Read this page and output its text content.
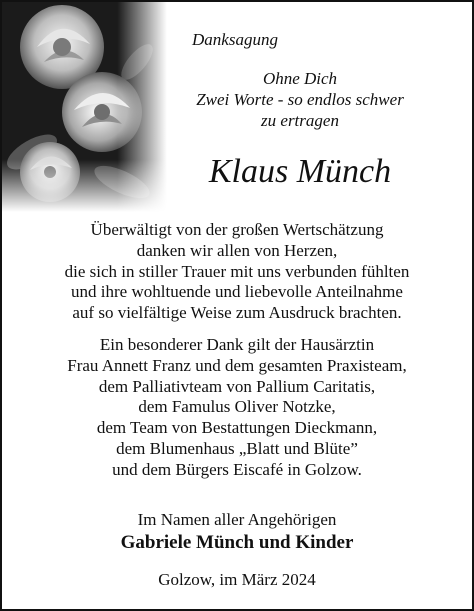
Danksagung
Ohne Dich
Zwei Worte - so endlos schwer
zu ertragen
Klaus Münch
Überwältigt von der großen Wertschätzung
danken wir allen von Herzen,
die sich in stiller Trauer mit uns verbunden fühlten
und ihre wohltuende und liebevolle Anteilnahme
auf so vielfältige Weise zum Ausdruck brachten.
Ein besonderer Dank gilt der Hausärztin
Frau Annett Franz und dem gesamten Praxisteam,
dem Palliativteam von Pallium Caritatis,
dem Famulus Oliver Notzke,
dem Team von Bestattungen Dieckmann,
dem Blumenhaus „Blatt und Blüte”
und dem Bürgers Eiscafé in Golzow.
Im Namen aller Angehörigen
Gabriele Münch und Kinder
Golzow, im März 2024
